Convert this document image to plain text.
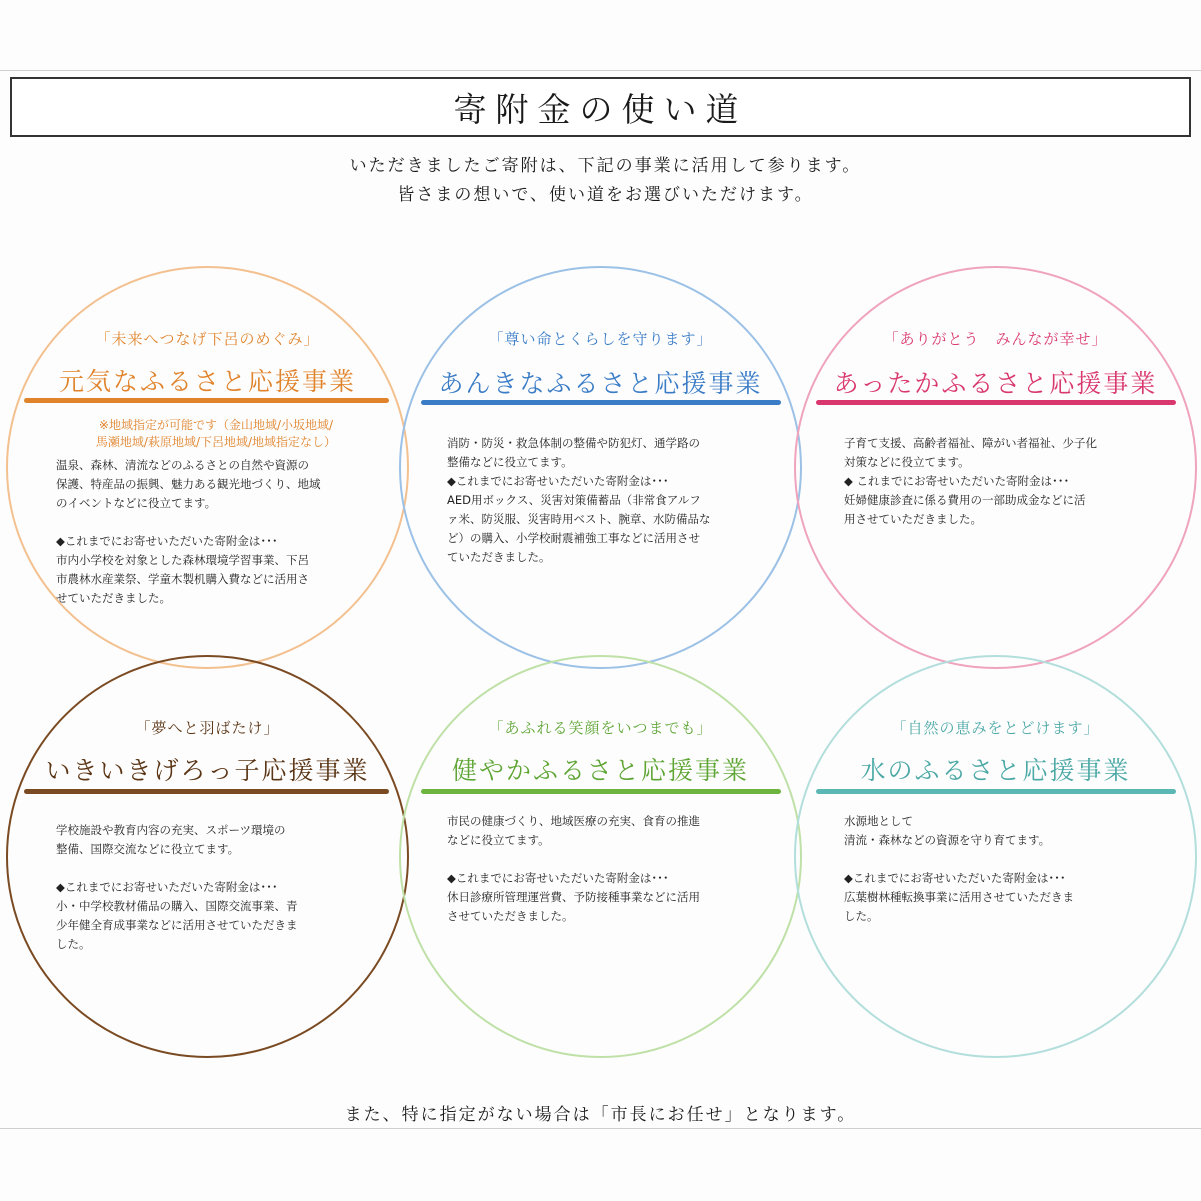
寄附金の使い道
いただきましたご寄附は、下記の事業に活用して参ります。
皆さまの想いで、使い道をお選びいただけます。
「未来へつなげ下呂のめぐみ」
元気なふるさと応援事業
※地域指定が可能です（金山地域/小坂地域/
馬瀬地域/萩原地域/下呂地域/地域指定なし）

温泉、森林、清流などのふるさとの自然や資源の

保護、特産品の振興、魅力ある観光地づくり、地域

のイベントなどに役立てます。

◆これまでにお寄せいただいた寄附金は･･･

市内小学校を対象とした森林環境学習事業、下呂

市農林水産業祭、学童木製机購入費などに活用さ

せていただきました。

「尊い命とくらしを守ります」
あんきなふるさと応援事業

消防・防災・救急体制の整備や防犯灯、通学路の

整備などに役立てます。

◆これまでにお寄せいただいた寄附金は･･･

AED用ボックス、災害対策備蓄品（非常食アルフ

ァ米、防災服、災害時用ベスト、腕章、水防備品な

ど）の購入、小学校耐震補強工事などに活用させ

ていただきました。

「ありがとう　みんなが幸せ」
あったかふるさと応援事業

子育て支援、高齢者福祉、障がい者福祉、少子化

対策などに役立てます。

◆ これまでにお寄せいただいた寄附金は･･･

妊婦健康診査に係る費用の一部助成金などに活

用させていただきました。

「夢へと羽ばたけ」
いきいきげろっ子応援事業

学校施設や教育内容の充実、スポーツ環境の

整備、国際交流などに役立てます。

◆これまでにお寄せいただいた寄附金は･･･

小・中学校教材備品の購入、国際交流事業、青

少年健全育成事業などに活用させていただきま

した。

「あふれる笑顔をいつまでも」
健やかふるさと応援事業

市民の健康づくり、地域医療の充実、食育の推進

などに役立てます。

◆これまでにお寄せいただいた寄附金は･･･

休日診療所管理運営費、予防接種事業などに活用

させていただきました。

「自然の恵みをとどけます」
水のふるさと応援事業

水源地として

清流・森林などの資源を守り育てます。

◆これまでにお寄せいただいた寄附金は･･･

広葉樹林種転換事業に活用させていただきま

した。

また、特に指定がない場合は「市長にお任せ」となります。
